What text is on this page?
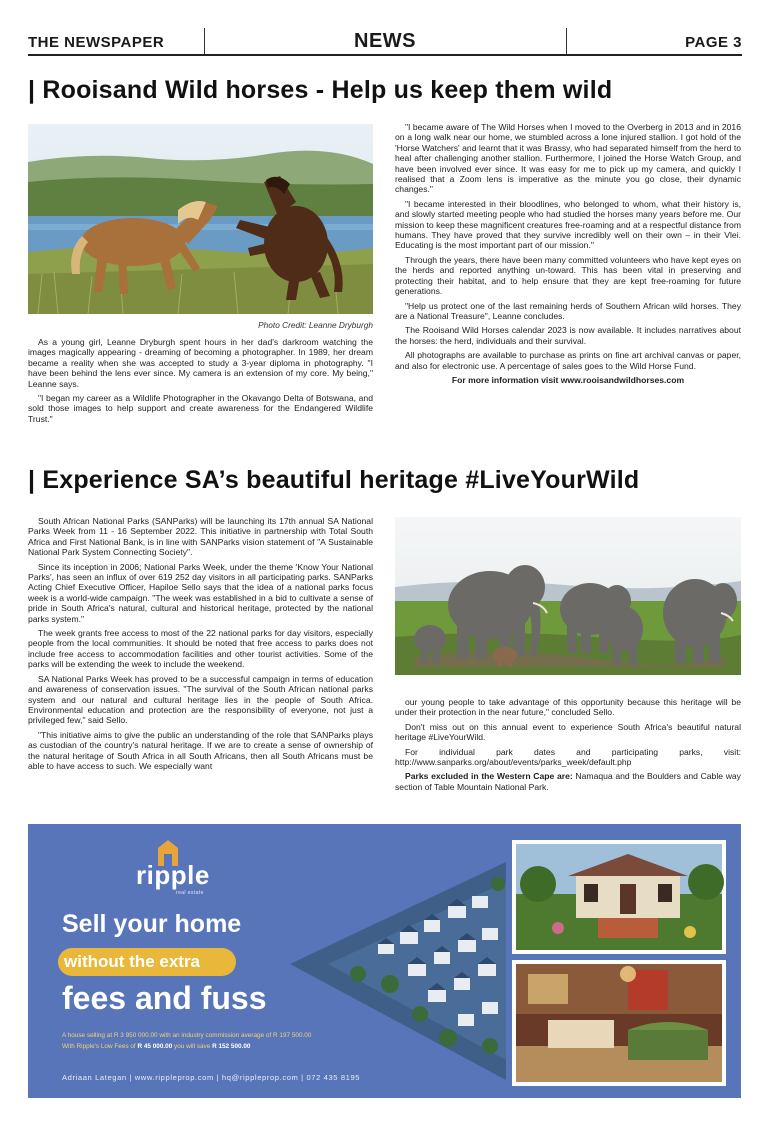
THE NEWSPAPER	NEWS	PAGE 3
| Rooisand Wild horses - Help us keep them wild
Photo Credit: Leanne Dryburgh

As a young girl, Leanne Dryburgh spent hours in her dad's darkroom watching the images magically appearing - dreaming of becoming a photographer. In 1989, her dream became a reality when she was accepted to study a 3-year diploma in photography. "I have been behind the lens ever since. My camera is an extension of my core. My being," Leanne says.

"I began my career as a Wildlife Photographer in the Okavango Delta of Botswana, and sold those images to help support and create awareness for the Endangered Wildlife Trust."

"I became aware of The Wild Horses when I moved to the Overberg in 2013 and in 2016 on a long walk near our home, we stumbled across a lone injured stallion. I got hold of the 'Horse Watchers' and learnt that it was Brassy, who had separated himself from the herd to heal after challenging another stallion. Furthermore, I joined the Horse Watch Group, and have been involved ever since. It was easy for me to pick up my camera, and quickly I realised that a Zoom lens is imperative as the minute you go close, their dynamic changes."

"I became interested in their bloodlines, who belonged to whom, what their history is, and slowly started meeting people who had studied the horses many years before me. Our mission to keep these magnificent creatures free-roaming and at a respectful distance from humans. They have proved that they survive incredibly well on their own – in their Vlei. Educating is the most important part of our mission."

Through the years, there have been many committed volunteers who have kept eyes on the herds and reported anything un-toward. This has been vital in preserving and protecting their habitat, and to help ensure that they are kept free-roaming for future generations.

"Help us protect one of the last remaining herds of Southern African wild horses. They are a National Treasure", Leanne concludes.

The Rooisand Wild Horses calendar 2023 is now available. It includes narratives about the horses: the herd, individuals and their survival.

All photographs are available to purchase as prints on fine art archival canvas or paper, and also for electronic use. A percentage of sales goes to the Wild Horse Fund.

For more information visit www.rooisandwildhorses.com

| Experience SA’s beautiful heritage #LiveYourWild

South African National Parks (SANParks) will be launching its 17th annual SA National Parks Week from 11 - 16 September 2022. This initiative in partnership with Total South Africa and First National Bank, is in line with SANParks vision statement of "A Sustainable National Park System Connecting Society".

Since its inception in 2006; National Parks Week, under the theme 'Know Your National Parks', has seen an influx of over 619 252 day visitors in all participating parks. SANParks Acting Chief Executive Officer, Hapiloe Sello says that the idea of a national parks focus week is a world-wide campaign. "The week was established in a bid to cultivate a sense of pride in South Africa's natural, cultural and historical heritage, protected by the national parks system."

The week grants free access to most of the 22 national parks for day visitors, especially people from the local communities. It should be noted that free access to parks does not include free access to accommodation facilities and other tourist activities. Some of the parks will be extending the week to include the weekend.

SA National Parks Week has proved to be a successful campaign in terms of education and awareness of conservation issues. "The survival of the South African national parks system and our natural and cultural heritage lies in the people of South Africa. Environmental education and protection are the responsibility of everyone, not just a privileged few," said Sello.

"This initiative aims to give the public an understanding of the role that SANParks plays as custodian of the country's natural heritage. If we are to create a sense of ownership of the natural heritage of South Africa in all South Africans, then all South Africans must be able to have access to such. We especially want

our young people to take advantage of this opportunity because this heritage will be under their protection in the near future," concluded Sello.

Don't miss out on this annual event to experience South Africa's beautiful natural heritage #LiveYourWild.

For individual park dates and participating parks, visit: http://www.sanparks.org/about/events/parks_week/default.php

Parks excluded in the Western Cape are: Namaqua and the Boulders and Cable way section of Table Mountain National Park.

ripple
real estate
Sell your home
without the extra
fees and fuss
A house selling at R 3 950 000.00 with an industry commission average of R 197 500.00
With Ripple's Low Fees of R 45 000.00 you will save R 152 500.00
Adriaan Lategan | www.rippleprop.com | hq@rippleprop.com | 072 435 8195
